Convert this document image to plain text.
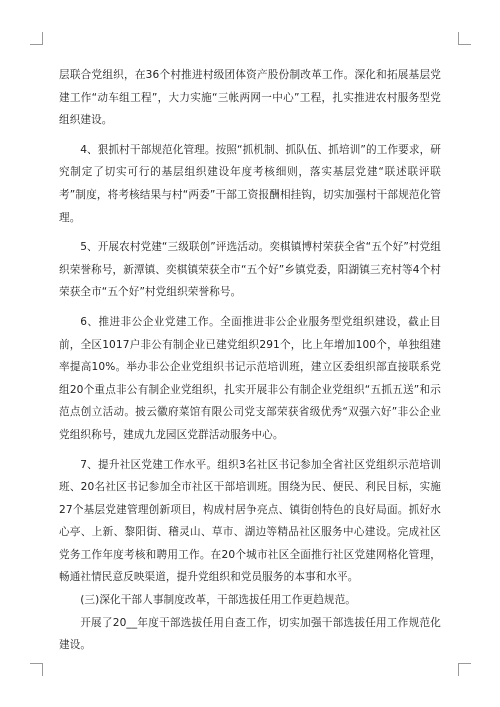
层联合党组织，在36个村推进村级团体资产股份制改革工作。深化和拓展基层党建工作“动车组工程”，大力实施“三帐两网一中心”工程，扎实推进农村服务型党组织建设。

4、狠抓村干部规范化管理。按照“抓机制、抓队伍、抓培训”的工作要求，研究制定了切实可行的基层组织建设年度考核细则，落实基层党建“联述联评联考”制度，将考核结果与村“两委”干部工资报酬相挂钩，切实加强村干部规范化管理。

5、开展农村党建“三级联创”评选活动。奕棋镇博村荣获全省“五个好”村党组织荣誉称号，新潭镇、奕棋镇荣获全市“五个好”乡镇党委，阳湖镇三充村等4个村荣获全市“五个好”村党组织荣誉称号。

6、推进非公企业党建工作。全面推进非公企业服务型党组织建设，截止目前，全区1017户非公有制企业已建党组织291个，比上年增加100个，单独组建率提高10%。举办非公企业党组织书记示范培训班，建立区委组织部直接联系党组20个重点非公有制企业党组织，扎实开展非公有制企业党组织“五抓五送”和示范点创立活动。披云徽府菜馆有限公司党支部荣获省级优秀“双强六好”非公企业党组织称号，建成九龙园区党群活动服务中心。

7、提升社区党建工作水平。组织3名社区书记参加全省社区党组织示范培训班、20名社区书记参加全市社区干部培训班。围绕为民、便民、利民目标，实施27个基层党建管理创新项目，构成村居争亮点、镇街创特色的良好局面。抓好水心亭、上新、黎阳街、稽灵山、草市、湖边等精品社区服务中心建设。完成社区党务工作年度考核和聘用工作。在20个城市社区全面推行社区党建网格化管理，畅通社情民意反映渠道，提升党组织和党员服务的本事和水平。

(三)深化干部人事制度改革，干部选拔任用工作更趋规范。

开展了20__年度干部选拔任用自查工作，切实加强干部选拔任用工作规范化建设。
